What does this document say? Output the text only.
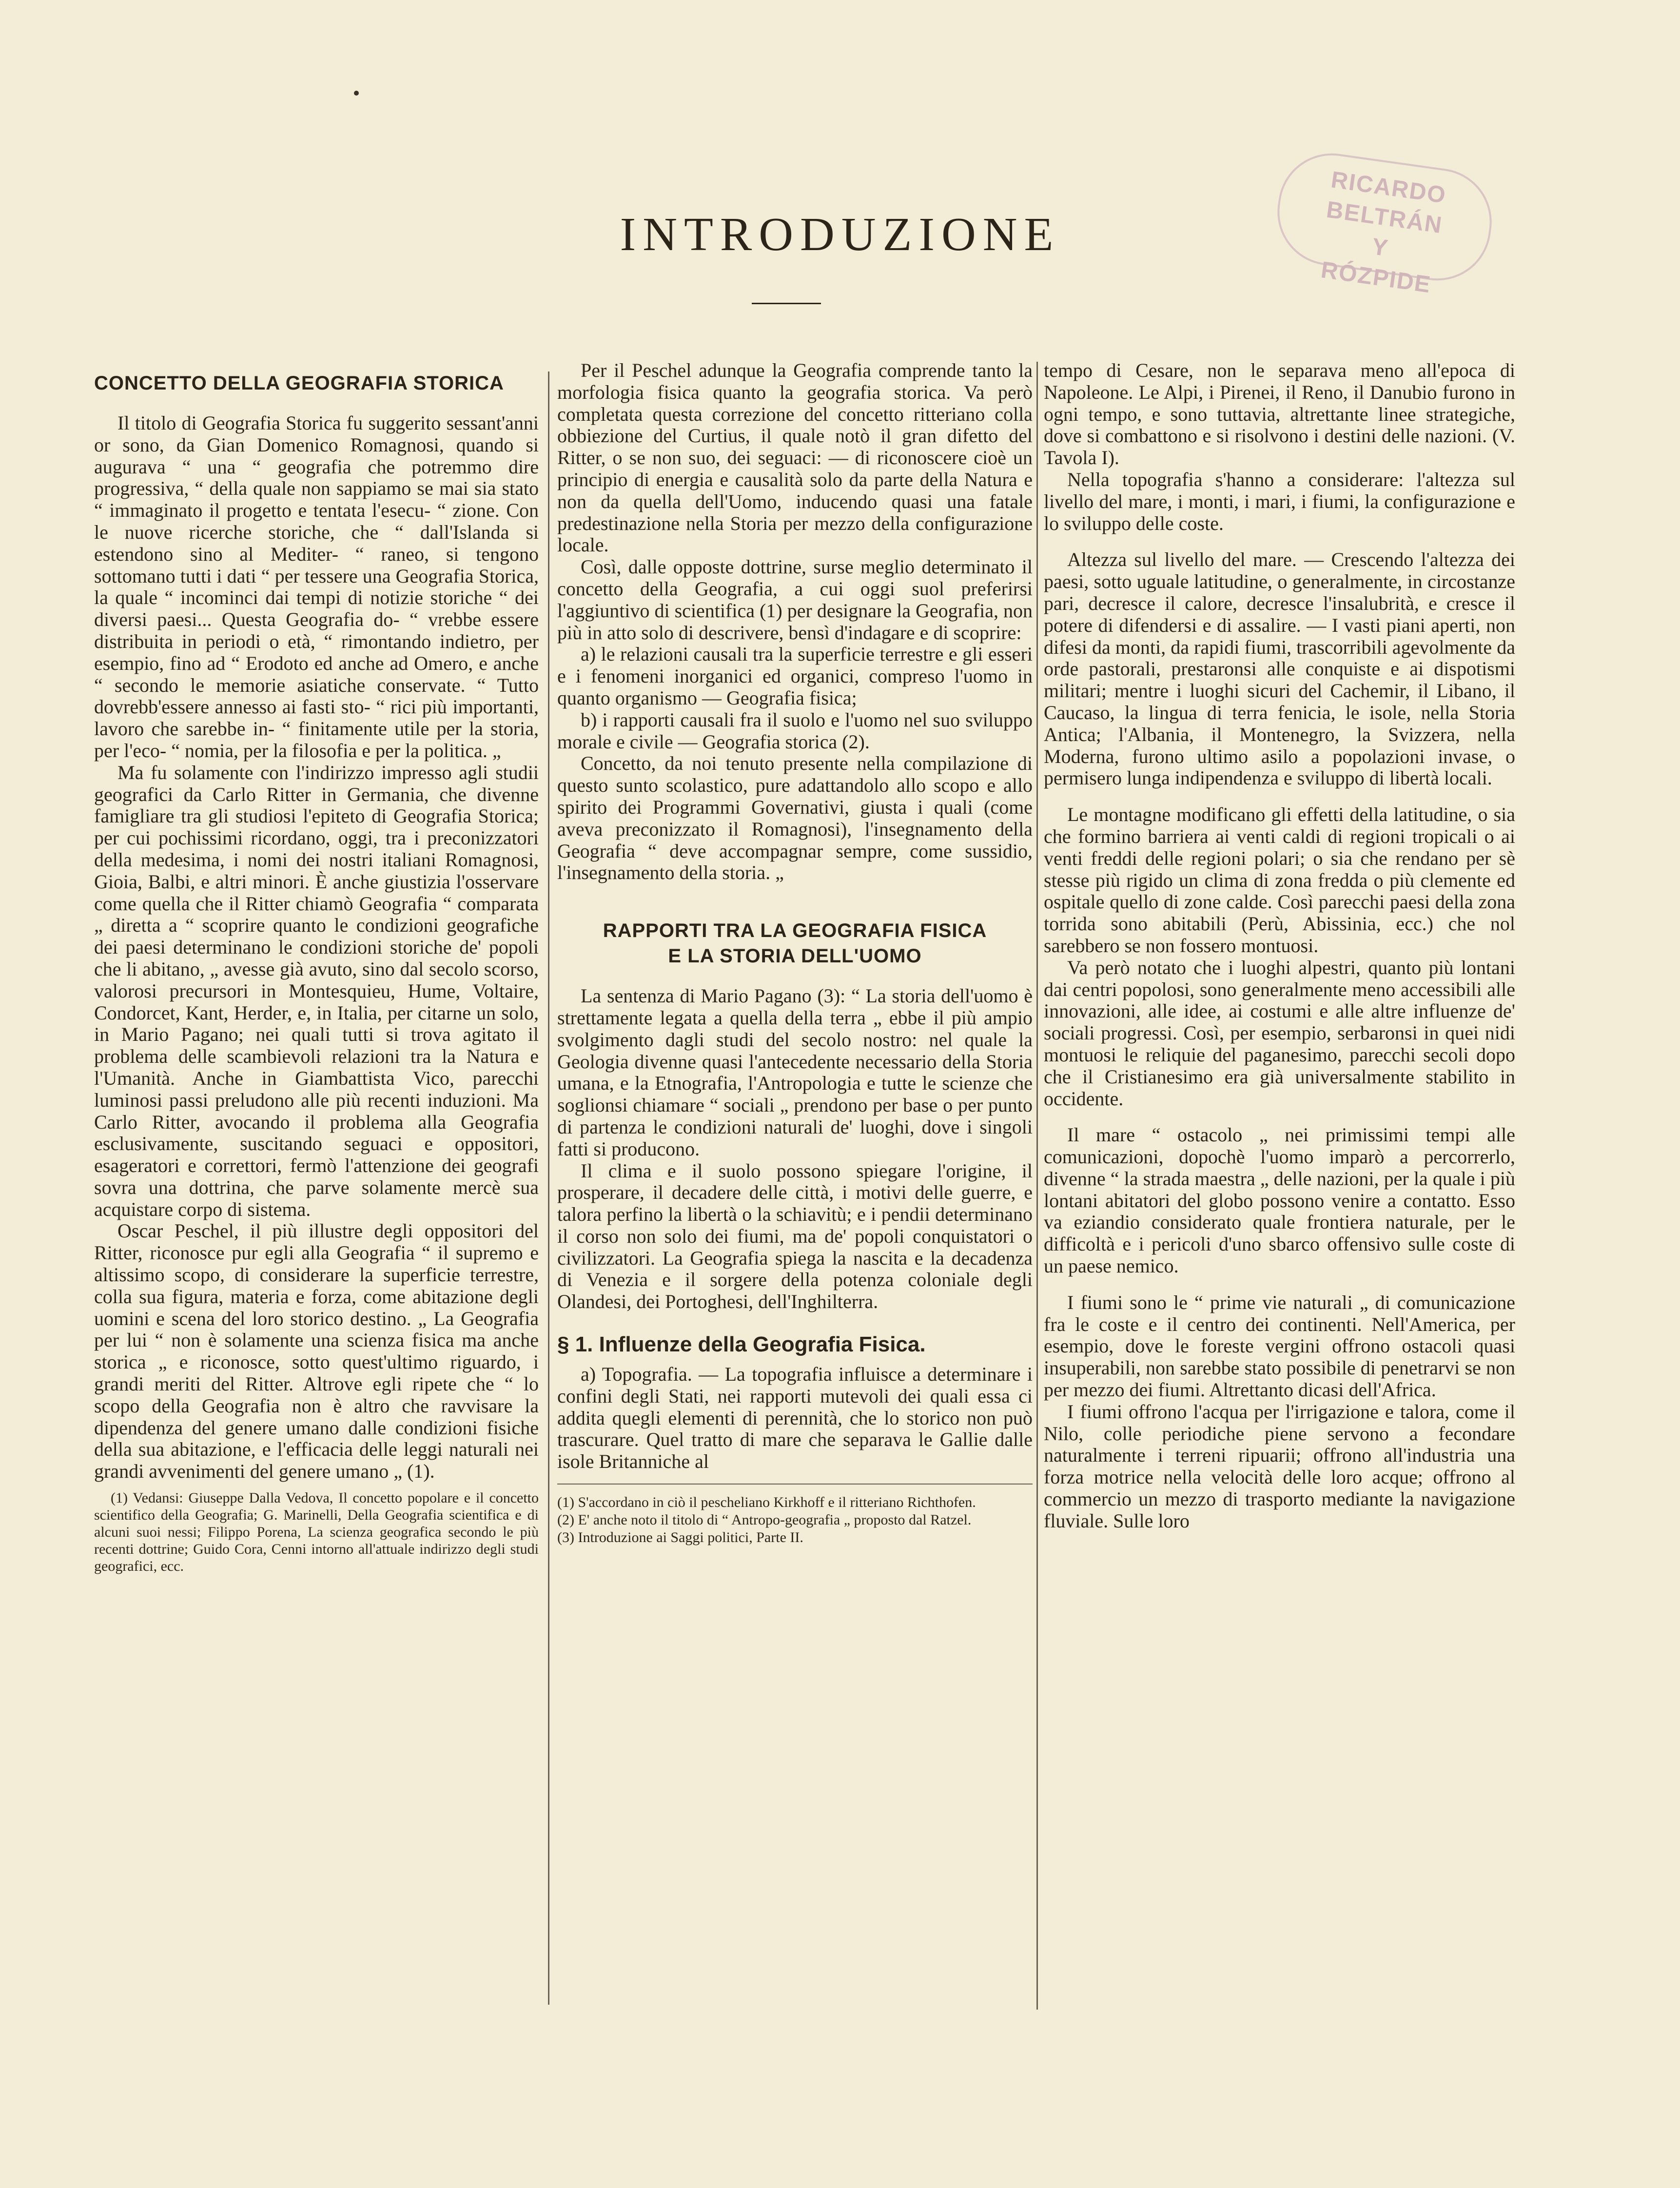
RICARDO BELTRÁN
Y
RÓZPIDE
INTRODUZIONE
CONCETTO DELLA GEOGRAFIA STORICA

Il titolo di Geografia Storica fu suggerito sessant'anni or sono, da Gian Domenico Romagnosi, quando si augurava “ una “ geografia che potremmo dire progressiva, “ della quale non sappiamo se mai sia stato “ immaginato il progetto e tentata l'esecu- “ zione. Con le nuove ricerche storiche, che “ dall'Islanda si estendono sino al Mediter- “ raneo, si tengono sottomano tutti i dati “ per tessere una Geografia Storica, la quale “ incominci dai tempi di notizie storiche “ dei diversi paesi... Questa Geografia do- “ vrebbe essere distribuita in periodi o età, “ rimontando indietro, per esempio, fino ad “ Erodoto ed anche ad Omero, e anche “ secondo le memorie asiatiche conservate. “ Tutto dovrebb'essere annesso ai fasti sto- “ rici più importanti, lavoro che sarebbe in- “ finitamente utile per la storia, per l'eco- “ nomia, per la filosofia e per la politica. „

Ma fu solamente con l'indirizzo impresso agli studii geografici da Carlo Ritter in Germania, che divenne famigliare tra gli studiosi l'epiteto di Geografia Storica; per cui pochissimi ricordano, oggi, tra i preconizzatori della medesima, i nomi dei nostri italiani Romagnosi, Gioia, Balbi, e altri minori. È anche giustizia l'osservare come quella che il Ritter chiamò Geografia “ comparata „ diretta a “ scoprire quanto le condizioni geografiche dei paesi determinano le condizioni storiche de' popoli che li abitano, „ avesse già avuto, sino dal secolo scorso, valorosi precursori in Montesquieu, Hume, Voltaire, Condorcet, Kant, Herder, e, in Italia, per citarne un solo, in Mario Pagano; nei quali tutti si trova agitato il problema delle scambievoli relazioni tra la Natura e l'Umanità. Anche in Giambattista Vico, parecchi luminosi passi preludono alle più recenti induzioni. Ma Carlo Ritter, avocando il problema alla Geografia esclusivamente, suscitando seguaci e oppositori, esageratori e correttori, fermò l'attenzione dei geografi sovra una dottrina, che parve solamente mercè sua acquistare corpo di sistema.

Oscar Peschel, il più illustre degli oppositori del Ritter, riconosce pur egli alla Geografia “ il supremo e altissimo scopo, di considerare la superficie terrestre, colla sua figura, materia e forza, come abitazione degli uomini e scena del loro storico destino. „ La Geografia per lui “ non è solamente una scienza fisica ma anche storica „ e riconosce, sotto quest'ultimo riguardo, i grandi meriti del Ritter. Altrove egli ripete che “ lo scopo della Geografia non è altro che ravvisare la dipendenza del genere umano dalle condizioni fisiche della sua abitazione, e l'efficacia delle leggi naturali nei grandi avvenimenti del genere umano „ (1).

(1) Vedansi: Giuseppe Dalla Vedova, Il concetto popolare e il concetto scientifico della Geografia; G. Marinelli, Della Geografia scientifica e di alcuni suoi nessi; Filippo Porena, La scienza geografica secondo le più recenti dottrine; Guido Cora, Cenni intorno all'attuale indirizzo degli studi geografici, ecc.

Per il Peschel adunque la Geografia comprende tanto la morfologia fisica quanto la geografia storica. Va però completata questa correzione del concetto ritteriano colla obbiezione del Curtius, il quale notò il gran difetto del Ritter, o se non suo, dei seguaci: — di riconoscere cioè un principio di energia e causalità solo da parte della Natura e non da quella dell'Uomo, inducendo quasi una fatale predestinazione nella Storia per mezzo della configurazione locale.

Così, dalle opposte dottrine, surse meglio determinato il concetto della Geografia, a cui oggi suol preferirsi l'aggiuntivo di scientifica (1) per designare la Geografia, non più in atto solo di descrivere, bensì d'indagare e di scoprire:

a) le relazioni causali tra la superficie terrestre e gli esseri e i fenomeni inorganici ed organici, compreso l'uomo in quanto organismo — Geografia fisica;

b) i rapporti causali fra il suolo e l'uomo nel suo sviluppo morale e civile — Geografia storica (2).

Concetto, da noi tenuto presente nella compilazione di questo sunto scolastico, pure adattandolo allo scopo e allo spirito dei Programmi Governativi, giusta i quali (come aveva preconizzato il Romagnosi), l'insegnamento della Geografia “ deve accompagnar sempre, come sussidio, l'insegnamento della storia. „

RAPPORTI TRA LA GEOGRAFIA FISICA
E LA STORIA DELL'UOMO

La sentenza di Mario Pagano (3): “ La storia dell'uomo è strettamente legata a quella della terra „ ebbe il più ampio svolgimento dagli studi del secolo nostro: nel quale la Geologia divenne quasi l'antecedente necessario della Storia umana, e la Etnografia, l'Antropologia e tutte le scienze che soglionsi chiamare “ sociali „ prendono per base o per punto di partenza le condizioni naturali de' luoghi, dove i singoli fatti si producono.

Il clima e il suolo possono spiegare l'origine, il prosperare, il decadere delle città, i motivi delle guerre, e talora perfino la libertà o la schiavitù; e i pendii determinano il corso non solo dei fiumi, ma de' popoli conquistatori o civilizzatori. La Geografia spiega la nascita e la decadenza di Venezia e il sorgere della potenza coloniale degli Olandesi, dei Portoghesi, dell'Inghilterra.

§ 1. Influenze della Geografia Fisica.

a) Topografia. — La topografia influisce a determinare i confini degli Stati, nei rapporti mutevoli dei quali essa ci addita quegli elementi di perennità, che lo storico non può trascurare. Quel tratto di mare che separava le Gallie dalle isole Britanniche al

(1) S'accordano in ciò il pescheliano Kirkhoff e il ritteriano Richthofen.

(2) E' anche noto il titolo di “ Antropo-geografia „ proposto dal Ratzel.

(3) Introduzione ai Saggi politici, Parte II.

tempo di Cesare, non le separava meno all'epoca di Napoleone. Le Alpi, i Pirenei, il Reno, il Danubio furono in ogni tempo, e sono tuttavia, altrettante linee strategiche, dove si combattono e si risolvono i destini delle nazioni. (V. Tavola I).

Nella topografia s'hanno a considerare: l'altezza sul livello del mare, i monti, i mari, i fiumi, la configurazione e lo sviluppo delle coste.

Altezza sul livello del mare. — Crescendo l'altezza dei paesi, sotto uguale latitudine, o generalmente, in circostanze pari, decresce il calore, decresce l'insalubrità, e cresce il potere di difendersi e di assalire. — I vasti piani aperti, non difesi da monti, da rapidi fiumi, trascorribili agevolmente da orde pastorali, prestaronsi alle conquiste e ai dispotismi militari; mentre i luoghi sicuri del Cachemir, il Libano, il Caucaso, la lingua di terra fenicia, le isole, nella Storia Antica; l'Albania, il Montenegro, la Svizzera, nella Moderna, furono ultimo asilo a popolazioni invase, o permisero lunga indipendenza e sviluppo di libertà locali.

Le montagne modificano gli effetti della latitudine, o sia che formino barriera ai venti caldi di regioni tropicali o ai venti freddi delle regioni polari; o sia che rendano per sè stesse più rigido un clima di zona fredda o più clemente ed ospitale quello di zone calde. Così parecchi paesi della zona torrida sono abitabili (Perù, Abissinia, ecc.) che nol sarebbero se non fossero montuosi.

Va però notato che i luoghi alpestri, quanto più lontani dai centri popolosi, sono generalmente meno accessibili alle innovazioni, alle idee, ai costumi e alle altre influenze de' sociali progressi. Così, per esempio, serbaronsi in quei nidi montuosi le reliquie del paganesimo, parecchi secoli dopo che il Cristianesimo era già universalmente stabilito in occidente.

Il mare “ ostacolo „ nei primissimi tempi alle comunicazioni, dopochè l'uomo imparò a percorrerlo, divenne “ la strada maestra „ delle nazioni, per la quale i più lontani abitatori del globo possono venire a contatto. Esso va eziandio considerato quale frontiera naturale, per le difficoltà e i pericoli d'uno sbarco offensivo sulle coste di un paese nemico.

I fiumi sono le “ prime vie naturali „ di comunicazione fra le coste e il centro dei continenti. Nell'America, per esempio, dove le foreste vergini offrono ostacoli quasi insuperabili, non sarebbe stato possibile di penetrarvi se non per mezzo dei fiumi. Altrettanto dicasi dell'Africa.

I fiumi offrono l'acqua per l'irrigazione e talora, come il Nilo, colle periodiche piene servono a fecondare naturalmente i terreni ripuarii; offrono all'industria una forza motrice nella velocità delle loro acque; offrono al commercio un mezzo di trasporto mediante la navigazione fluviale. Sulle loro
